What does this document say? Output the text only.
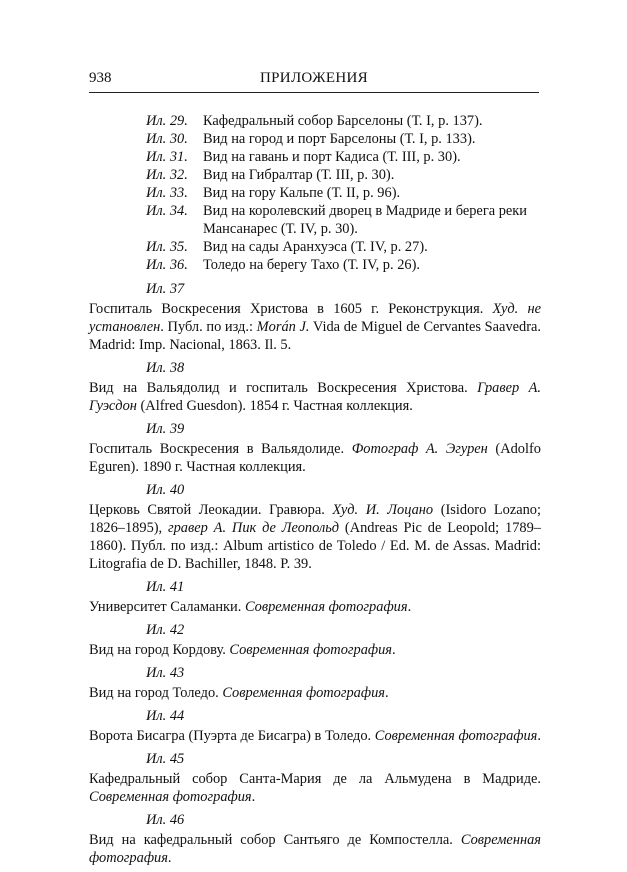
938	ПРИЛОЖЕНИЯ
Ил. 29.	Кафедральный собор Барселоны (Т. I, p. 137).
Ил. 30.	Вид на город и порт Барселоны (Т. I, p. 133).
Ил. 31.	Вид на гавань и порт Кадиса (Т. III, p. 30).
Ил. 32.	Вид на Гибралтар (Т. III, p. 30).
Ил. 33.	Вид на гору Кальпе (Т. II, p. 96).
Ил. 34.	Вид на королевский дворец в Мадриде и берега реки Мансанарес (Т. IV, p. 30).
Ил. 35.	Вид на сады Аранхуэса (Т. IV, p. 27).
Ил. 36.	Толедо на берегу Тахо (Т. IV, p. 26).
Ил. 37
Госпиталь Воскресения Христова в 1605 г. Реконструкция. Худ. не установлен. Публ. по изд.: Morán J. Vida de Miguel de Cervantes Saavedra. Madrid: Imp. Nacional, 1863. Il. 5.
Ил. 38
Вид на Вальядолид и госпиталь Воскресения Христова. Гравер А. Гуэсдон (Alfred Guesdon). 1854 г. Частная коллекция.
Ил. 39
Госпиталь Воскресения в Вальядолиде. Фотограф А. Эгурен (Adolfo Eguren). 1890 г. Частная коллекция.
Ил. 40
Церковь Святой Леокадии. Гравюра. Худ. И. Лоцано (Isidoro Lozano; 1826–1895), гравер А. Пик де Леопольд (Andreas Pic de Leopold; 1789–1860). Публ. по изд.: Album artistico de Toledo / Ed. M. de Assas. Madrid: Litografia de D. Bachiller, 1848. P. 39.
Ил. 41
Университет Саламанки. Современная фотография.
Ил. 42
Вид на город Кордову. Современная фотография.
Ил. 43
Вид на город Толедо. Современная фотография.
Ил. 44
Ворота Бисагра (Пуэрта де Бисагра) в Толедо. Современная фотография.
Ил. 45
Кафедральный собор Санта-Мария де ла Альмудена в Мадриде. Современная фотография.
Ил. 46
Вид на кафедральный собор Сантьяго де Компостелла. Современная фотография.
